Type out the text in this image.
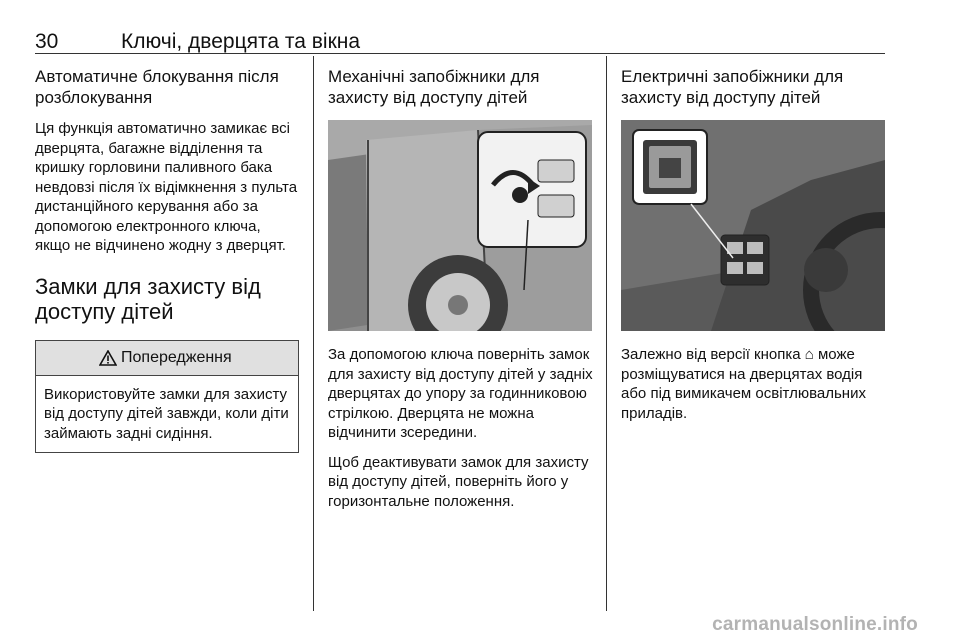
30	Ключі, дверцята та вікна
Автоматичне блокування після розблокування

Ця функція автоматично замикає всі дверцята, багажне відділення та кришку горловини паливного бака невдовзі після їх відімкнення з пульта дистанційного керування або за допомогою електронного ключа, якщо не відчинено жодну з дверцят.

Замки для захисту від доступу дітей
Попередження

Використовуйте замки для захисту від доступу дітей завжди, коли діти займають задні сидіння.

Механічні запобіжники для захисту від доступу дітей

За допомогою ключа поверніть замок для захисту від доступу дітей у задніх дверцятах до упору за годинниковою стрілкою. Дверцята не можна відчинити зсередини.

Щоб деактивувати замок для захисту від доступу дітей, поверніть його у горизонтальне положення.

Електричні запобіжники для захисту від доступу дітей

Залежно від версії кнопка ⌂ може розміщуватися на дверцятах водія або під вимикачем освітлювальних приладів.

carmanualsonline.info
